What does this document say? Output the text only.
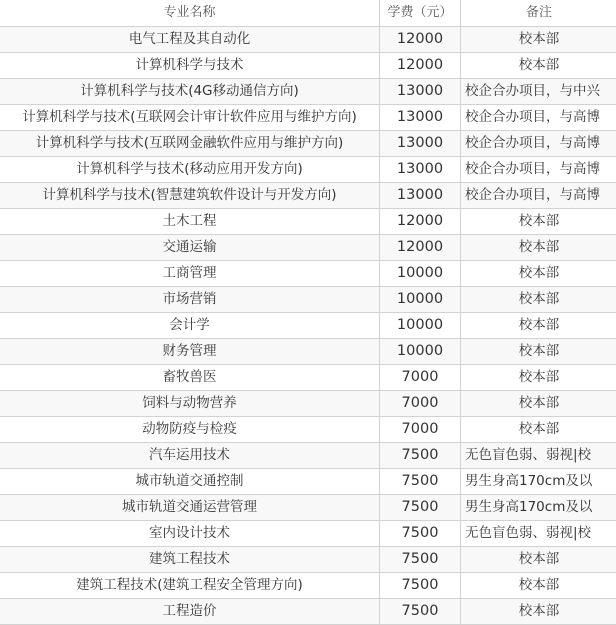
专业名称	学费（元）	备注
电气工程及其自动化	12000	校本部
计算机科学与技术	12000	校本部
计算机科学与技术(4G移动通信方向)	13000	校企合办项目，与中兴
计算机科学与技术(互联网会计审计软件应用与维护方向)	13000	校企合办项目，与高博
计算机科学与技术(互联网金融软件应用与维护方向)	13000	校企合办项目，与高博
计算机科学与技术(移动应用开发方向)	13000	校企合办项目，与高博
计算机科学与技术(智慧建筑软件设计与开发方向)	13000	校企合办项目，与高博
土木工程	12000	校本部
交通运输	12000	校本部
工商管理	10000	校本部
市场营销	10000	校本部
会计学	10000	校本部
财务管理	10000	校本部
畜牧兽医	7000	校本部
饲料与动物营养	7000	校本部
动物防疫与检疫	7000	校本部
汽车运用技术	7500	无色盲色弱、弱视|校
城市轨道交通控制	7500	男生身高170cm及以
城市轨道交通运营管理	7500	男生身高170cm及以
室内设计技术	7500	无色盲色弱、弱视|校
建筑工程技术	7500	校本部
建筑工程技术(建筑工程安全管理方向)	7500	校本部
工程造价	7500	校本部
